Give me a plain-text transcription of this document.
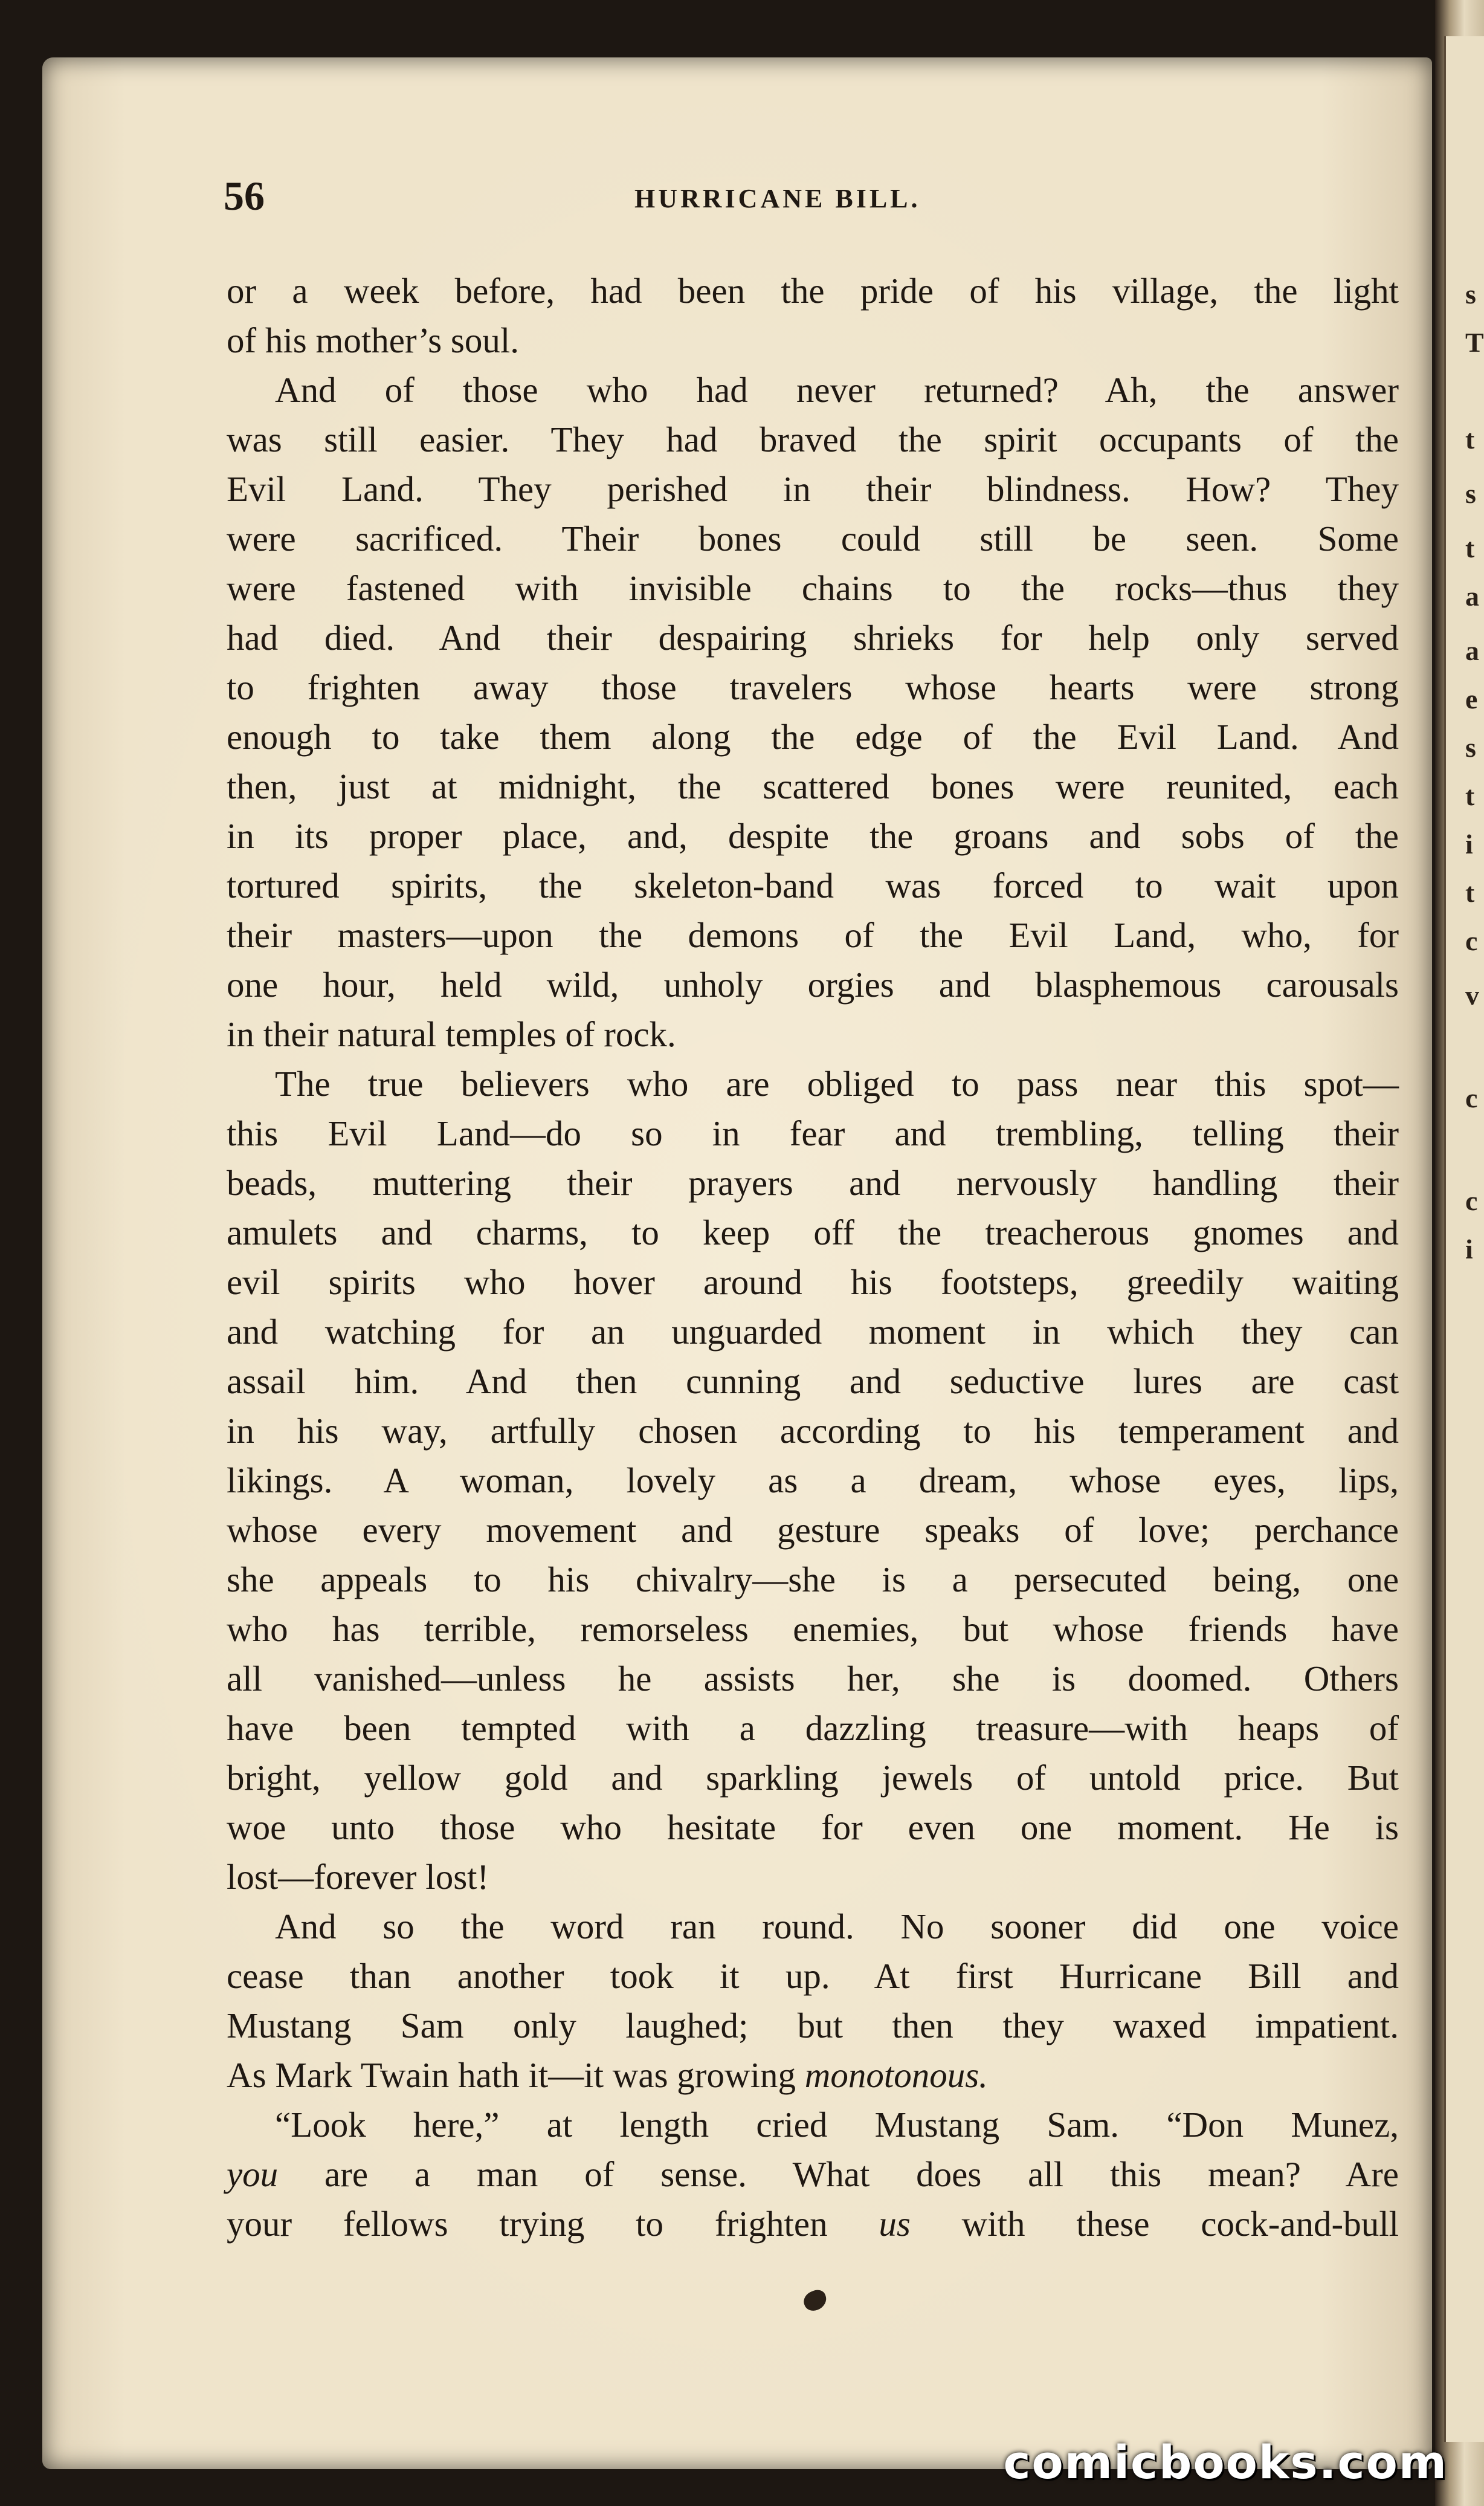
s
T
t
s
t
a
a
e
s
t
i
t
c
v
c
c
i
56	HURRICANE BILL.
or a week before, had been the pride of his village, the light
of his mother’s soul.
And of those who had never returned? Ah, the answer
was still easier. They had braved the spirit occupants of the
Evil Land. They perished in their blindness. How? They
were sacrificed. Their bones could still be seen. Some
were fastened with invisible chains to the rocks—thus they
had died. And their despairing shrieks for help only served
to frighten away those travelers whose hearts were strong
enough to take them along the edge of the Evil Land. And
then, just at midnight, the scattered bones were reunited, each
in its proper place, and, despite the groans and sobs of the
tortured spirits, the skeleton-band was forced to wait upon
their masters—upon the demons of the Evil Land, who, for
one hour, held wild, unholy orgies and blasphemous carousals
in their natural temples of rock.
The true believers who are obliged to pass near this spot—
this Evil Land—do so in fear and trembling, telling their
beads, muttering their prayers and nervously handling their
amulets and charms, to keep off the treacherous gnomes and
evil spirits who hover around his footsteps, greedily waiting
and watching for an unguarded moment in which they can
assail him. And then cunning and seductive lures are cast
in his way, artfully chosen according to his temperament and
likings. A woman, lovely as a dream, whose eyes, lips,
whose every movement and gesture speaks of love; perchance
she appeals to his chivalry—she is a persecuted being, one
who has terrible, remorseless enemies, but whose friends have
all vanished—unless he assists her, she is doomed. Others
have been tempted with a dazzling treasure—with heaps of
bright, yellow gold and sparkling jewels of untold price. But
woe unto those who hesitate for even one moment. He is
lost—forever lost!
And so the word ran round. No sooner did one voice
cease than another took it up. At first Hurricane Bill and
Mustang Sam only laughed; but then they waxed impatient.
As Mark Twain hath it—it was growing monotonous.
“Look here,” at length cried Mustang Sam. “Don Munez,
you are a man of sense. What does all this mean? Are
your fellows trying to frighten us with these cock-and-bull
comicbooks.com
